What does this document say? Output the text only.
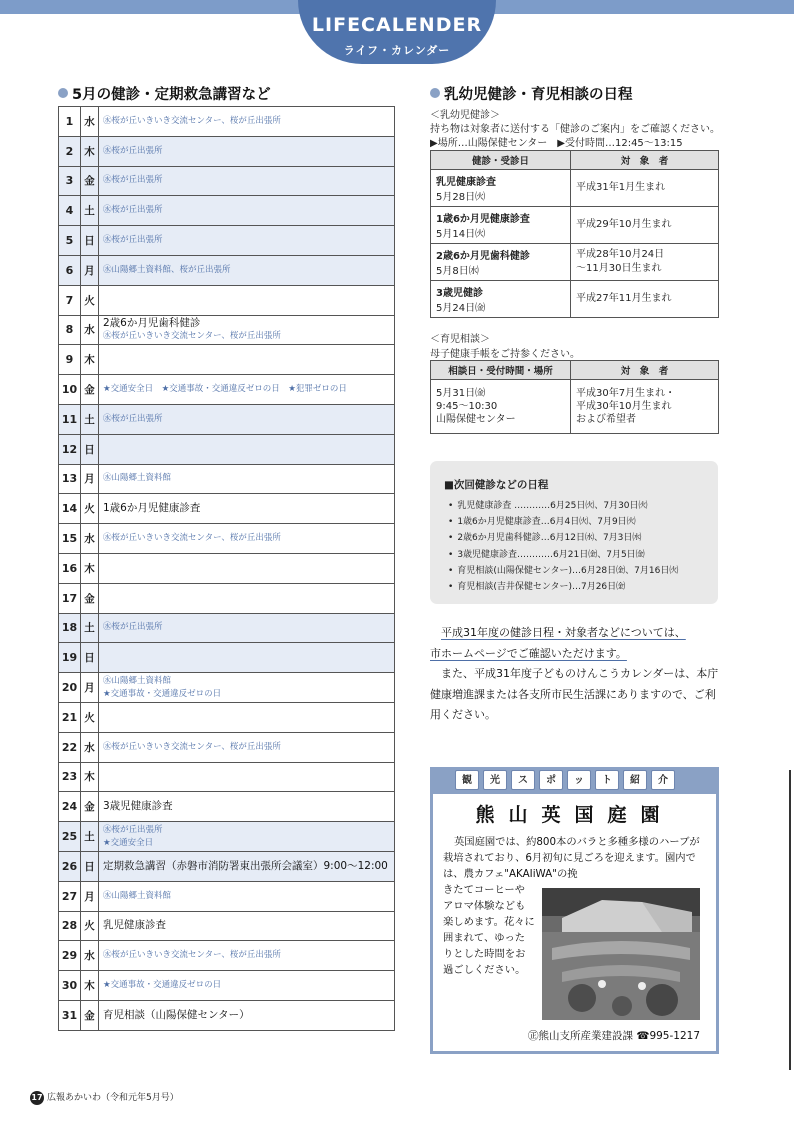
LIFECALENDER
ライフ・カレンダー
5月の健診・定期救急講習など
1	水	㊌桜が丘いきいき交流センター、桜が丘出張所

2	木	㊌桜が丘出張所

3	金	㊌桜が丘出張所

4	土	㊌桜が丘出張所

5	日	㊌桜が丘出張所

6	月	㊌山陽郷土資料館、桜が丘出張所

7	火	
8	水	2歳6か月児歯科健診
㊌桜が丘いきいき交流センター、桜が丘出張所

9	木	
10	金	★交通安全日　★交通事故・交通違反ゼロの日　★犯罪ゼロの日

11	土	㊌桜が丘出張所

12	日	
13	月	㊌山陽郷土資料館

14	火	1歳6か月児健康診査

15	水	㊌桜が丘いきいき交流センター、桜が丘出張所

16	木	
17	金	
18	土	㊌桜が丘出張所

19	日	
20	月	㊌山陽郷土資料館
★交通事故・交通違反ゼロの日

21	火	
22	水	㊌桜が丘いきいき交流センター、桜が丘出張所

23	木	
24	金	3歳児健康診査

25	土	㊌桜が丘出張所
★交通安全日

26	日	定期救急講習（赤磐市消防署東出張所会議室）9:00～12:00

27	月	㊌山陽郷土資料館

28	火	乳児健康診査

29	水	㊌桜が丘いきいき交流センター、桜が丘出張所

30	木	★交通事故・交通違反ゼロの日

31	金	育児相談（山陽保健センター）
乳幼児健診・育児相談の日程
＜乳幼児健診＞
持ち物は対象者に送付する「健診のご案内」をご確認ください。
▶場所…山陽保健センター　▶受付時間…12:45～13:15
健診・受診日	対　象　者

乳児健康診査
5月28日㈫	平成31年1月生まれ

1歳6か月児健康診査
5月14日㈫	平成29年10月生まれ

2歳6か月児歯科健診
5月8日㈬	平成28年10月24日
～11月30日生まれ

3歳児健診
5月24日㈮	平成27年11月生まれ
＜育児相談＞
母子健康手帳をご持参ください。
相談日・受付時間・場所	対　象　者
5月31日㈮
9:45～10:30
山陽保健センター	平成30年7月生まれ・
平成30年10月生まれ
および希望者
■次回健診などの日程
• 乳児健康診査 …………6月25日㈫、7月30日㈫
• 1歳6か月児健康診査…6月4日㈫、7月9日㈫
• 2歳6か月児歯科健診…6月12日㈬、7月3日㈬
• 3歳児健康診査…………6月21日㈮、7月5日㈮
• 育児相談(山陽保健センター)…6月28日㈮、7月16日㈫
• 育児相談(吉井保健センター)…7月26日㈮
平成31年度の健診日程・対象者などについては、
市ホームページでご確認いただけます。
また、平成31年度子どものけんこうカレンダーは、本庁健康増進課または各支所市民生活課にありますので、ご利用ください。
観	光	ス	ポ	ッ	ト	紹	介
熊山英国庭園
英国庭園では、約800本のバラと多種多様のハーブが栽培されており、6月初旬に見ごろを迎えます。園内では、農カフェ"AKAIiWA"の挽
きたてコーヒーやアロマ体験なども楽しめます。花々に囲まれて、ゆったりとした時間をお過ごしください。
㊣熊山支所産業建設課 ☎995-1217
17 広報あかいわ（令和元年5月号）
